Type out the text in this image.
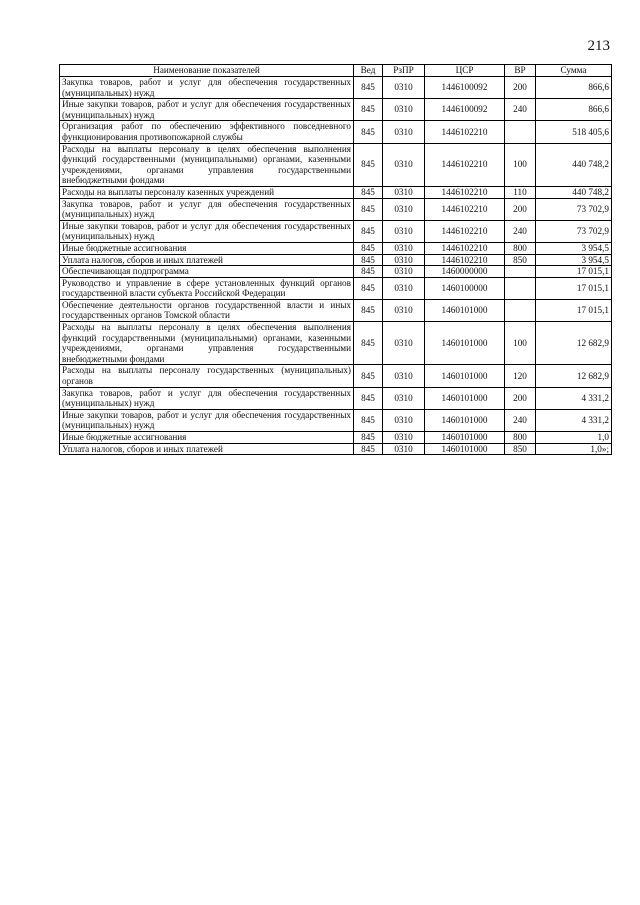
213
Наименование показателей	Вед	РзПР	ЦСР	ВР	Сумма
Закупка товаров, работ и услуг для обеспечения государственных (муниципальных) нужд	845	0310	1446100092	200	866,6
Иные закупки товаров, работ и услуг для обеспечения государственных (муниципальных) нужд	845	0310	1446100092	240	866,6
Организация работ по обеспечению эффективного повседневного функционирования противопожарной службы	845	0310	1446102210		518 405,6
Расходы на выплаты персоналу в целях обеспечения выполнения функций государственными (муниципальными) органами, казенными учреждениями, органами управления государственными внебюджетными фондами	845	0310	1446102210	100	440 748,2
Расходы на выплаты персоналу казенных учреждений	845	0310	1446102210	110	440 748,2
Закупка товаров, работ и услуг для обеспечения государственных (муниципальных) нужд	845	0310	1446102210	200	73 702,9
Иные закупки товаров, работ и услуг для обеспечения государственных (муниципальных) нужд	845	0310	1446102210	240	73 702,9
Иные бюджетные ассигнования	845	0310	1446102210	800	3 954,5
Уплата налогов, сборов и иных платежей	845	0310	1446102210	850	3 954,5
Обеспечивающая подпрограмма	845	0310	1460000000		17 015,1
Руководство и управление в сфере установленных функций органов государственной власти субъекта Российской Федерации	845	0310	1460100000		17 015,1
Обеспечение деятельности органов государственной власти и иных государственных органов Томской области	845	0310	1460101000		17 015,1
Расходы на выплаты персоналу в целях обеспечения выполнения функций государственными (муниципальными) органами, казенными учреждениями, органами управления государственными внебюджетными фондами	845	0310	1460101000	100	12 682,9
Расходы на выплаты персоналу государственных (муниципальных) органов	845	0310	1460101000	120	12 682,9
Закупка товаров, работ и услуг для обеспечения государственных (муниципальных) нужд	845	0310	1460101000	200	4 331,2
Иные закупки товаров, работ и услуг для обеспечения государственных (муниципальных) нужд	845	0310	1460101000	240	4 331,2
Иные бюджетные ассигнования	845	0310	1460101000	800	1,0
Уплата налогов, сборов и иных платежей	845	0310	1460101000	850	1,0»;
